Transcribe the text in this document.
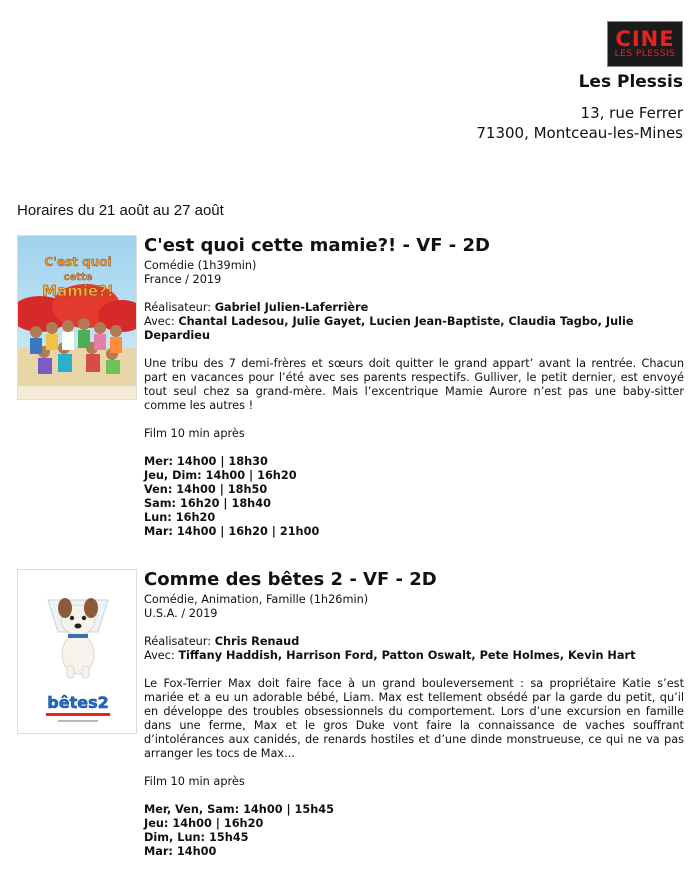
CINE
LES PLESSIS
Les Plessis
13, rue Ferrer
71300, Montceau-les-Mines
Horaires du 21 août au 27 août
C'est quoi
cette
Mamie?!
C'est quoi cette mamie?! - VF - 2D
Comédie (1h39min)
France / 2019
Réalisateur: Gabriel Julien-Laferrière
Avec: Chantal Ladesou, Julie Gayet, Lucien Jean-Baptiste, Claudia Tagbo, Julie Depardieu
Une tribu des 7 demi-frères et sœurs doit quitter le grand appart’ avant la rentrée. Chacun part en vacances pour l’été avec ses parents respectifs. Gulliver, le petit dernier, est envoyé tout seul chez sa grand-mère. Mais l’excentrique Mamie Aurore n’est pas une baby-sitter comme les autres !
Film 10 min après
Mer: 14h00 | 18h30
Jeu, Dim: 14h00 | 16h20
Ven: 14h00 | 18h50
Sam: 16h20 | 18h40
Lun: 16h20
Mar: 14h00 | 16h20 | 21h00
bêtes2
Comme des bêtes 2 - VF - 2D
Comédie, Animation, Famille (1h26min)
U.S.A. / 2019
Réalisateur: Chris Renaud
Avec: Tiffany Haddish, Harrison Ford, Patton Oswalt, Pete Holmes, Kevin Hart
Le Fox-Terrier Max doit faire face à un grand bouleversement : sa propriétaire Katie s’est mariée et a eu un adorable bébé, Liam. Max est tellement obsédé par la garde du petit, qu’il en développe des troubles obsessionnels du comportement. Lors d’une excursion en famille dans une ferme, Max et le gros Duke vont faire la connaissance de vaches souffrant d’intolérances aux canidés, de renards hostiles et d’une dinde monstrueuse, ce qui ne va pas arranger les tocs de Max...
Film 10 min après
Mer, Ven, Sam: 14h00 | 15h45
Jeu: 14h00 | 16h20
Dim, Lun: 15h45
Mar: 14h00
